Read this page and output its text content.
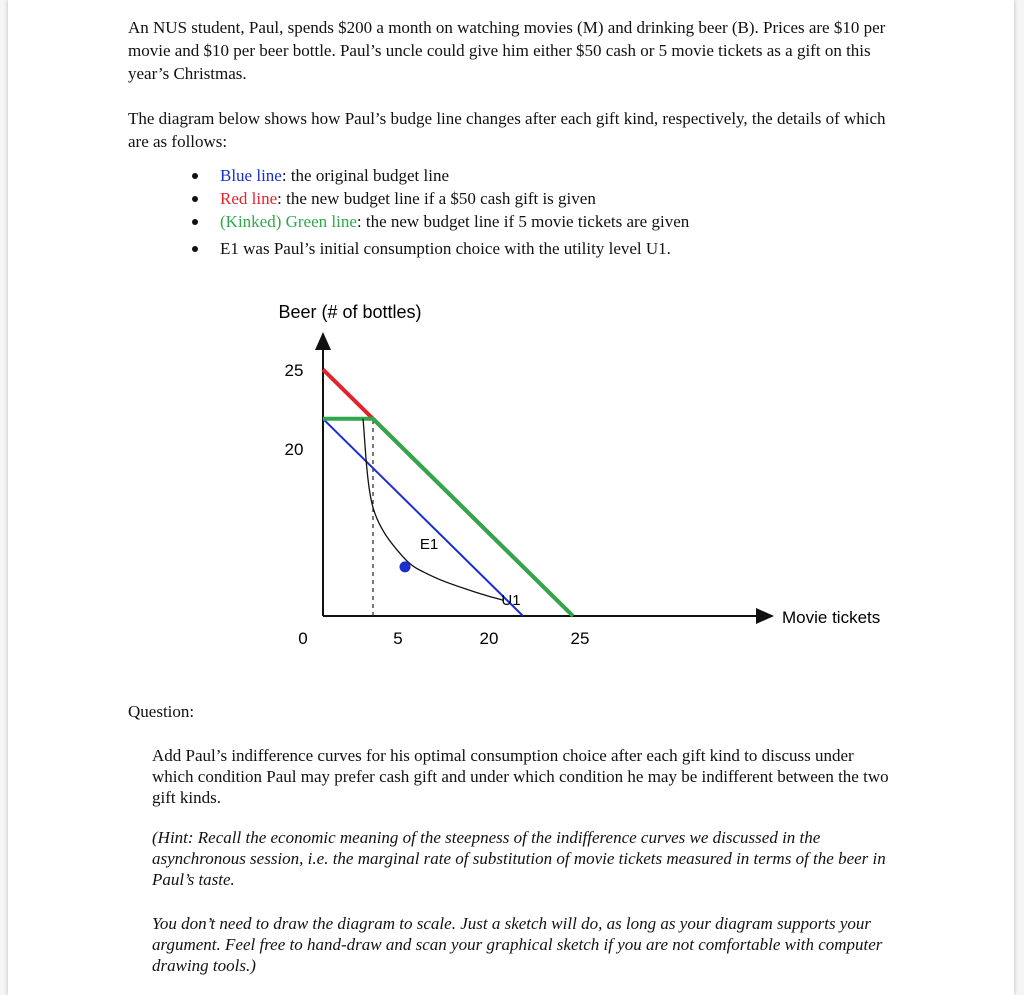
An NUS student, Paul, spends $200 a month on watching movies (M) and drinking beer (B). Prices are $10 per movie and $10 per beer bottle. Paul’s uncle could give him either $50 cash or 5 movie tickets as a gift on this year’s Christmas.

The diagram below shows how Paul’s budge line changes after each gift kind, respectively, the details of which are as follows:

Blue line: the original budget line
Red line: the new budget line if a $50 cash gift is given
(Kinked) Green line: the new budget line if 5 movie tickets are given
E1 was Paul’s initial consumption choice with the utility level U1.
Beer (# of bottles)
Movie tickets
E1
U1
0	5	20	25
25
20

Question:

Add Paul’s indifference curves for his optimal consumption choice after each gift kind to discuss under which condition Paul may prefer cash gift and under which condition he may be indifferent between the two gift kinds.

(Hint: Recall the economic meaning of the steepness of the indifference curves we discussed in the asynchronous session, i.e. the marginal rate of substitution of movie tickets measured in terms of the beer in Paul’s taste.

You don’t need to draw the diagram to scale. Just a sketch will do, as long as your diagram supports your argument. Feel free to hand-draw and scan your graphical sketch if you are not comfortable with computer drawing tools.)
